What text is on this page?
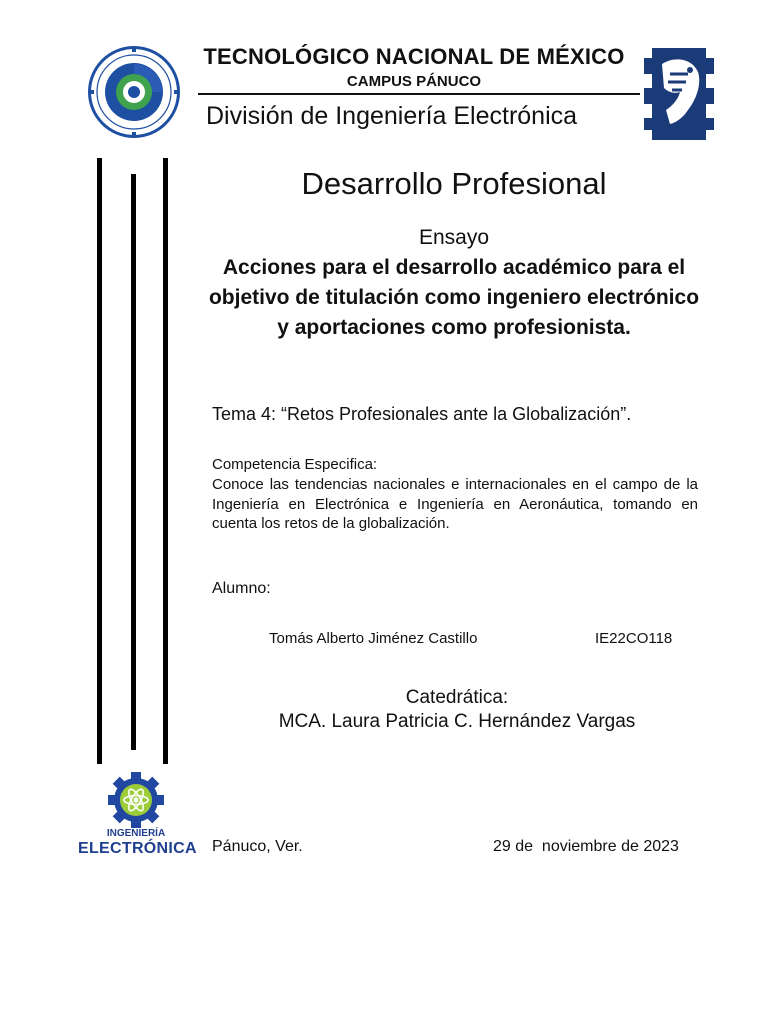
TECNOLÓGICO NACIONAL DE MÉXICO
CAMPUS PÁNUCO
División de Ingeniería Electrónica
Desarrollo Profesional
Ensayo
Acciones para el desarrollo académico para el objetivo de titulación como ingeniero electrónico y aportaciones como profesionista.
Tema 4: “Retos Profesionales ante la Globalización”.
Competencia Especifica:
Conoce las tendencias nacionales e internacionales en el campo de la Ingeniería en Electrónica e Ingeniería en Aeronáutica, tomando en cuenta los retos de la globalización.
Alumno:
Tomás Alberto Jiménez Castillo	IE22CO118
Catedrática:
MCA. Laura Patricia C. Hernández Vargas
INGENIERÍA
ELECTRÓNICA Pánuco, Ver.	29 de  noviembre de 2023
